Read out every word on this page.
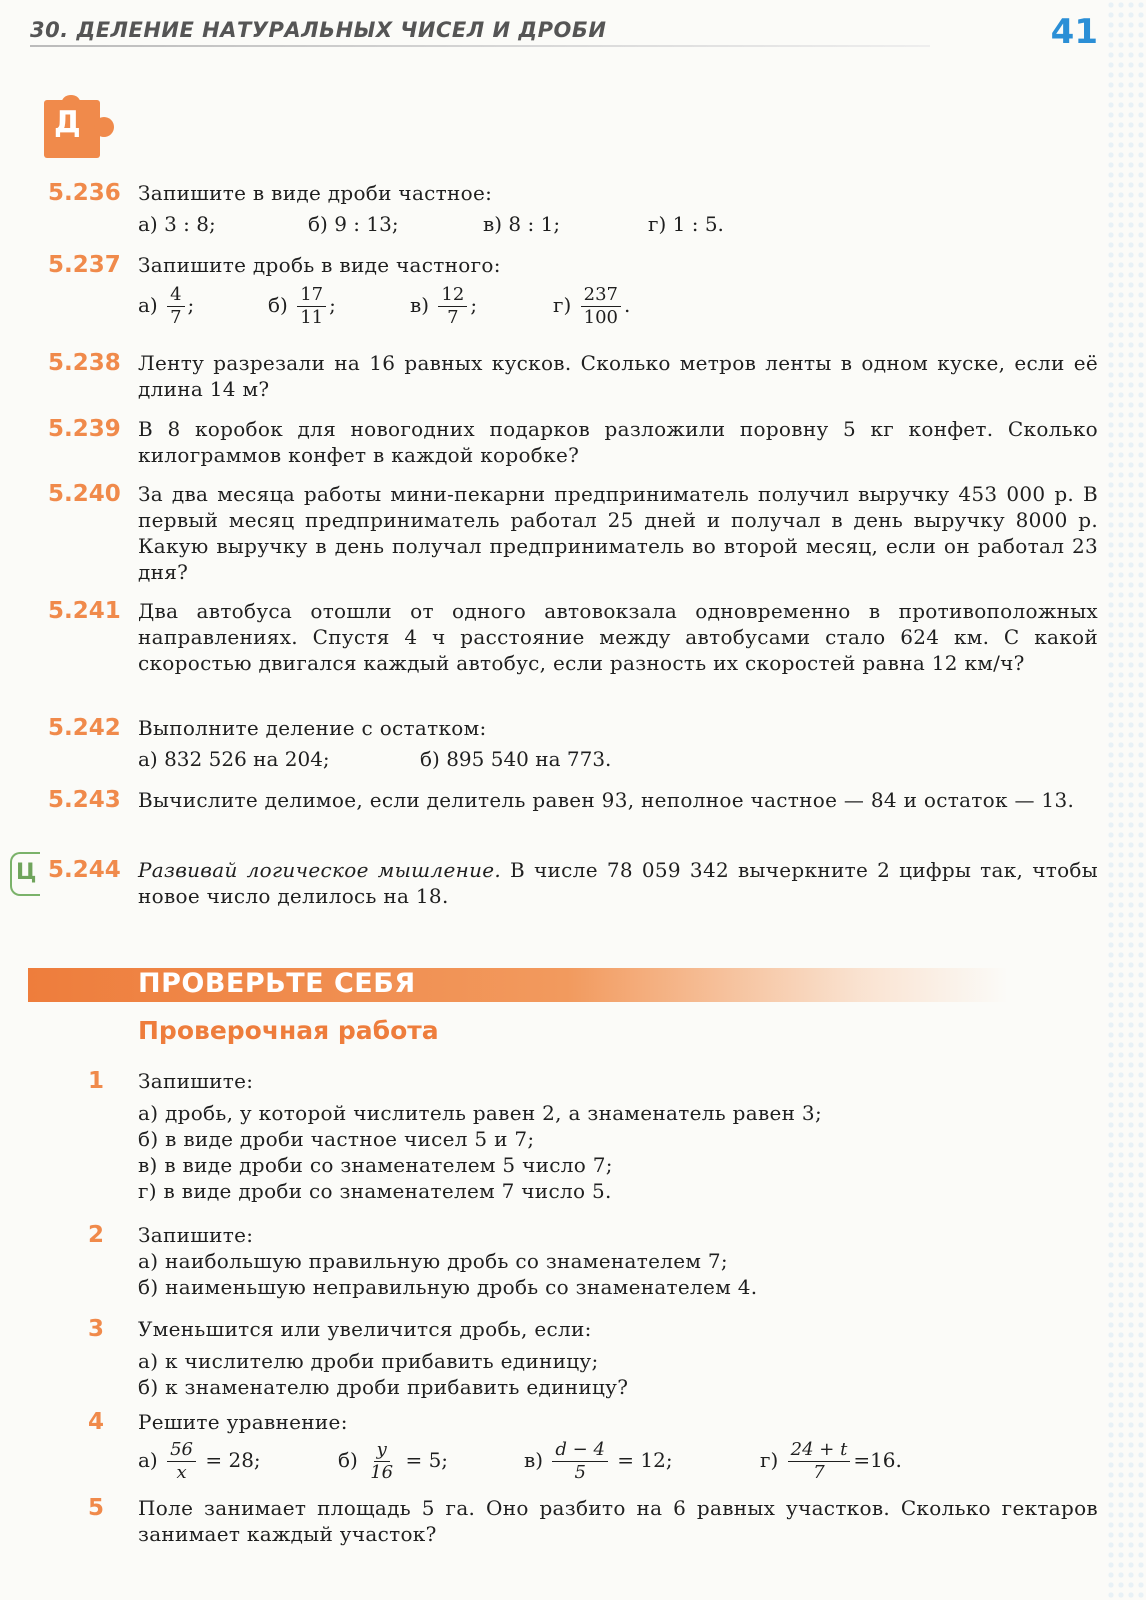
30. ДЕЛЕНИЕ НАТУРАЛЬНЫХ ЧИСЕЛ И ДРОБИ	41
Д
5.236 Запишите в виде дроби частное:
а) 3 : 8;	б) 9 : 13;	в) 8 : 1;	г) 1 : 5.
5.237 Запишите дробь в виде частного:
$а) \frac{4}{7}$ ;	$б) \frac{17}{11}$ ;	$в) \frac{12}{7}$ ;	$г) \frac{237}{100}$ .
5.238 Ленту разрезали на 16 равных кусков. Сколько метров ленты в одном куске, если её длина 14 м?
5.239 В 8 коробок для новогодних подарков разложили поровну 5 кг конфет. Сколько килограммов конфет в каждой коробке?
5.240 За два месяца работы мини-пекарни предприниматель получил выручку 453 000 р. В первый месяц предприниматель работал 25 дней и получал в день выручку 8000 р. Какую выручку в день получал предприниматель во второй месяц, если он работал 23 дня?
5.241 Два автобуса отошли от одного автовокзала одновременно в противоположных направлениях. Спустя 4 ч расстояние между автобусами стало 624 км. С какой скоростью двигался каждый автобус, если разность их скоростей равна 12 км/ч?
5.242 Выполните деление с остатком:
а) 832 526 на 204;	б) 895 540 на 773.
5.243 Вычислите делимое, если делитель равен 93, неполное частное — 84 и остаток — 13.
Ц 5.244 Развивай логическое мышление. В числе 78 059 342 вычеркните 2 цифры так, чтобы новое число делилось на 18.
ПРОВЕРЬТЕ СЕБЯ
Проверочная работа
1 Запишите:
а) дробь, у которой числитель равен 2, а знаменатель равен 3;
б) в виде дроби частное чисел 5 и 7;
в) в виде дроби со знаменателем 5 число 7;
г) в виде дроби со знаменателем 7 число 5.
2 Запишите:
а) наибольшую правильную дробь со знаменателем 7;
б) наименьшую неправильную дробь со знаменателем 4.
3 Уменьшится или увеличится дробь, если:
а) к числителю дроби прибавить единицу;
б) к знаменателю дроби прибавить единицу?
4 Решите уравнение:
$а) \frac{56}{x} = 28$;	$б) \frac{y}{16} = 5$;	$в) \frac{d - 4}{5} = 12$;	$г) \frac{24 + t}{7} =16$.
5 Поле занимает площадь 5 га. Оно разбито на 6 равных участков. Сколько гектаров занимает каждый участок?
